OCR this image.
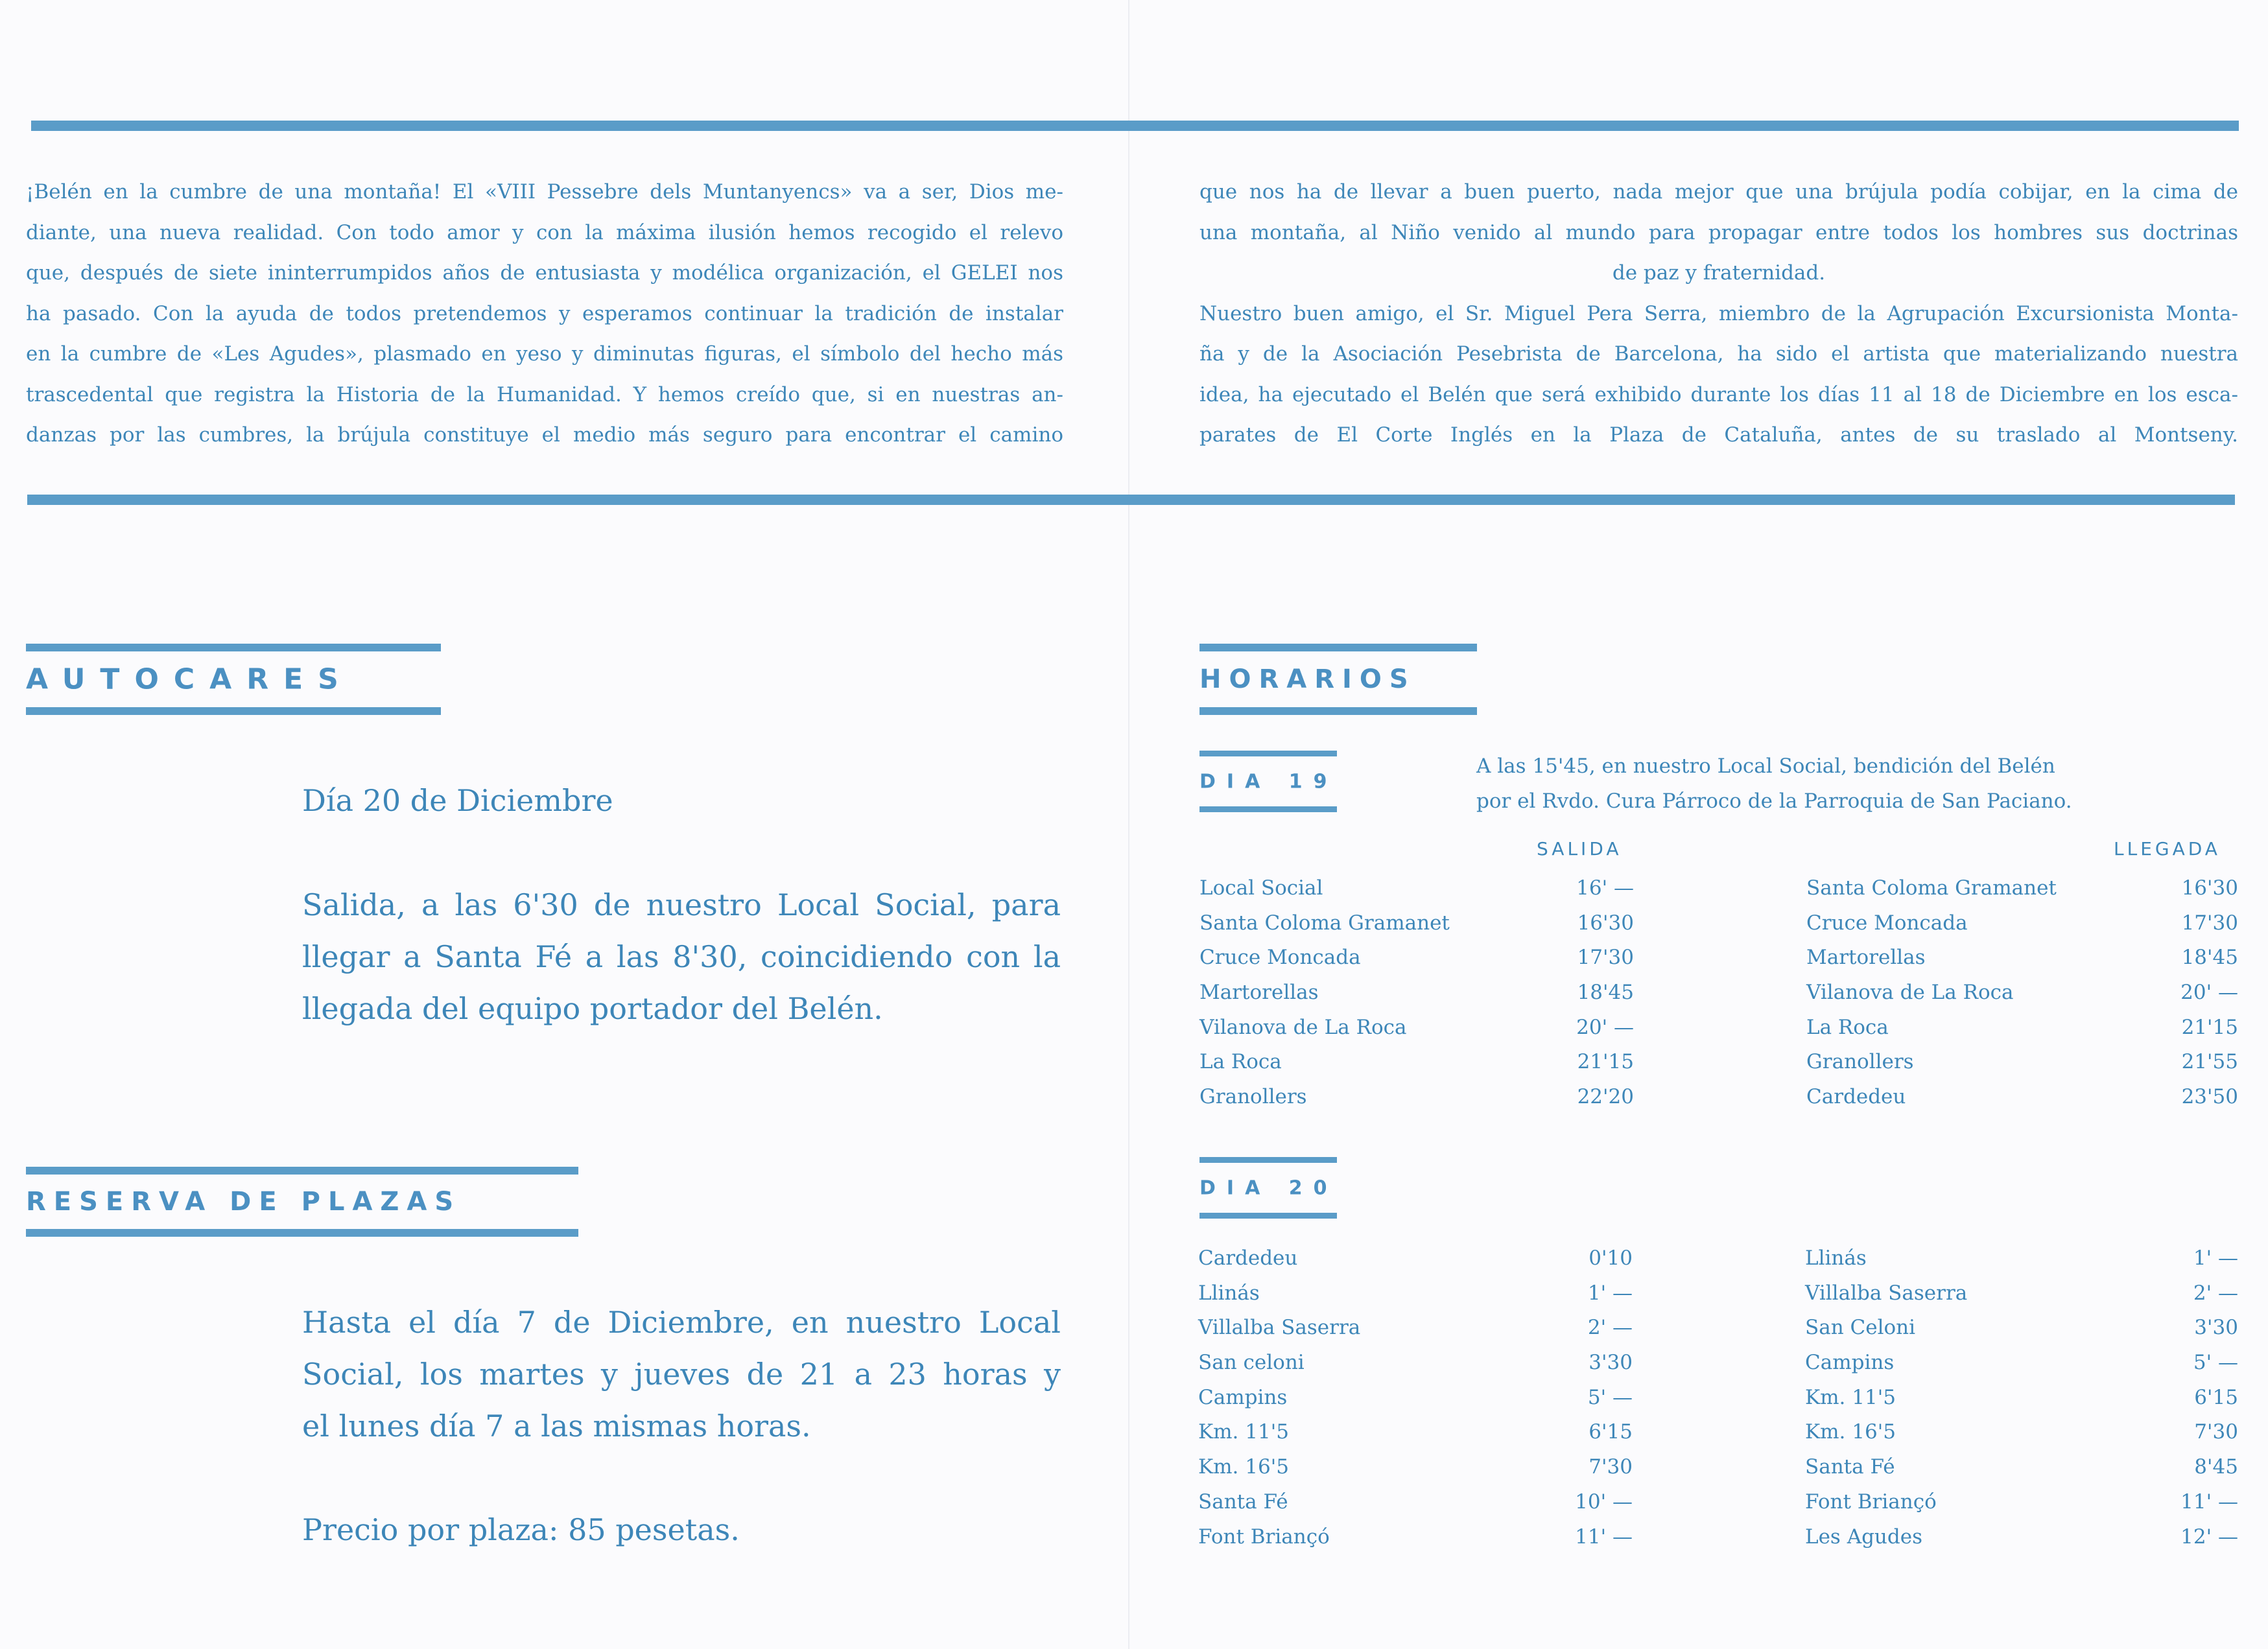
¡Belén en la cumbre de una montaña! El «VIII Pessebre dels Muntanyencs» va a ser, Dios me-
diante, una nueva realidad. Con todo amor y con la máxima ilusión hemos recogido el relevo
que, después de siete ininterrumpidos años de entusiasta y modélica organización, el GELEI nos
ha pasado. Con la ayuda de todos pretendemos y esperamos continuar la tradición de instalar
en la cumbre de «Les Agudes», plasmado en yeso y diminutas figuras, el símbolo del hecho más
trascedental que registra la Historia de la Humanidad. Y hemos creído que, si en nuestras an-
danzas por las cumbres, la brújula constituye el medio más seguro para encontrar el camino
que nos ha de llevar a buen puerto, nada mejor que una brújula podía cobijar, en la cima de
una montaña, al Niño venido al mundo para propagar entre todos los hombres sus doctrinas
de paz y fraternidad.
Nuestro buen amigo, el Sr. Miguel Pera Serra, miembro de la Agrupación Excursionista Monta-
ña y de la Asociación Pesebrista de Barcelona, ha sido el artista que materializando nuestra
idea, ha ejecutado el Belén que será exhibido durante los días 11 al 18 de Diciembre en los esca-
parates de El Corte Inglés en la Plaza de Cataluña, antes de su traslado al Montseny.
AUTOCARES

Día 20 de Diciembre

Salida, a las 6'30 de nuestro Local Social, para

llegar a Santa Fé a las 8'30, coincidiendo con la

llegada del equipo portador del Belén.

RESERVA DE PLAZAS

Hasta el día 7 de Diciembre, en nuestro Local

Social, los martes y jueves de 21 a 23 horas y

el lunes día 7 a las mismas horas.

Precio por plaza: 85 pesetas.

HORARIOS
DIA 19

A las 15'45, en nuestro Local Social, bendición del Belén

por el Rvdo. Cura Párroco de la Parroquia de San Paciano.

SALIDA	LLEGADA
Local Social	16' —
Santa Coloma Gramanet	16'30
Cruce Moncada	17'30
Martorellas	18'45
Vilanova de La Roca	20' —
La Roca	21'15
Granollers	22'20
Santa Coloma Gramanet	16'30
Cruce Moncada	17'30
Martorellas	18'45
Vilanova de La Roca	20' —
La Roca	21'15
Granollers	21'55
Cardedeu	23'50
DIA 20
Cardedeu	0'10
Llinás	1' —
Villalba Saserra	2' —
San celoni	3'30
Campins	5' —
Km. 11'5	6'15
Km. 16'5	7'30
Santa Fé	10' —
Font Briançó	11' —
Llinás	1' —
Villalba Saserra	2' —
San Celoni	3'30
Campins	5' —
Km. 11'5	6'15
Km. 16'5	7'30
Santa Fé	8'45
Font Briançó	11' —
Les Agudes	12' —
